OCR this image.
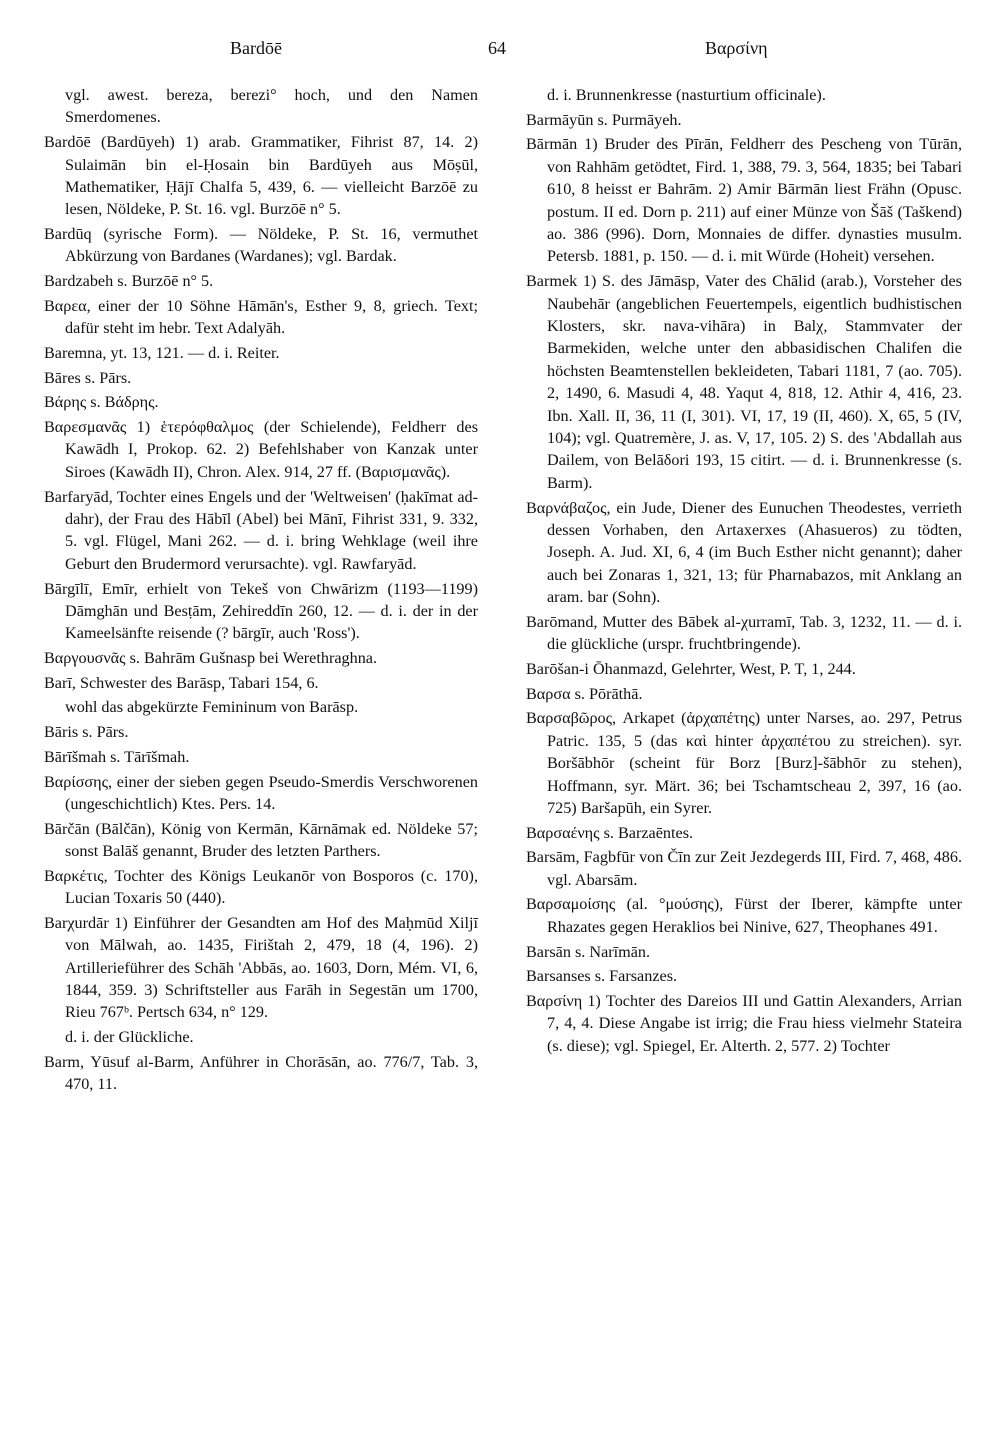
Bardōē	64	Βαρσίνη

vgl. awest. bereza, berezi° hoch, und den Namen Smerdomenes.

Bardōē (Bardūyeh) 1) arab. Grammatiker, Fihrist 87, 14. 2) Sulaimān bin el-Ḥosain bin Bardūyeh aus Mōṣūl, Mathematiker, Ḥājī Chalfa 5, 439, 6. — vielleicht Barzōē zu lesen, Nöldeke, P. St. 16. vgl. Burzōē n° 5.

Bardūq (syrische Form). — Nöldeke, P. St. 16, vermuthet Abkürzung von Bardanes (Wardanes); vgl. Bardak.

Bardzabeh s. Burzōē n° 5.

Βαρεα, einer der 10 Söhne Hāmān's, Esther 9, 8, griech. Text; dafür steht im hebr. Text Adalyāh.

Baremna, yt. 13, 121. — d. i. Reiter.

Bāres s. Pārs.

Βάρης s. Βάδρης.

Βαρεσμανᾶς 1) ἑτερόφθαλμος (der Schielende), Feldherr des Kawādh I, Prokop. 62. 2) Befehlshaber von Kanzak unter Siroes (Kawādh II), Chron. Alex. 914, 27 ff. (Βαρισμανᾶς).

Barfaryād, Tochter eines Engels und der 'Weltweisen' (ḥakīmat ad-dahr), der Frau des Hābīl (Abel) bei Mānī, Fihrist 331, 9. 332, 5. vgl. Flügel, Mani 262. — d. i. bring Wehklage (weil ihre Geburt den Brudermord verursachte). vgl. Rawfaryād.

Bārgīlī, Emīr, erhielt von Tekeš von Chwārizm (1193—1199) Dāmghān und Besṭām, Zehireddīn 260, 12. — d. i. der in der Kameelsänfte reisende (? bārgīr, auch 'Ross').

Βαργουσνᾶς s. Bahrām Gušnasp bei Werethraghna.

Barī, Schwester des Barāsp, Tabari 154, 6.

wohl das abgekürzte Femininum von Barāsp.

Bāris s. Pārs.

Bārīšmah s. Tārīšmah.

Βαρίσσης, einer der sieben gegen Pseudo-Smerdis Verschworenen (ungeschichtlich) Ktes. Pers. 14.

Bārčān (Bālčān), König von Kermān, Kārnāmak ed. Nöldeke 57; sonst Balāš genannt, Bruder des letzten Parthers.

Βαρκέτις, Tochter des Königs Leukanōr von Bosporos (c. 170), Lucian Toxaris 50 (440).

Barχurdār 1) Einführer der Gesandten am Hof des Maḥmūd Xiljī von Mālwah, ao. 1435, Firištah 2, 479, 18 (4, 196). 2) Artillerieführer des Schāh 'Abbās, ao. 1603, Dorn, Mém. VI, 6, 1844, 359. 3) Schriftsteller aus Farāh in Segestān um 1700, Rieu 767ᵇ. Pertsch 634, n° 129.

d. i. der Glückliche.

Barm, Yūsuf al-Barm, Anführer in Chorāsān, ao. 776/7, Tab. 3, 470, 11.

d. i. Brunnenkresse (nasturtium officinale).

Barmāyūn s. Purmāyeh.

Bārmān 1) Bruder des Pīrān, Feldherr des Pescheng von Tūrān, von Rahhām getödtet, Fird. 1, 388, 79. 3, 564, 1835; bei Tabari 610, 8 heisst er Bahrām. 2) Amir Bārmān liest Frähn (Opusc. postum. II ed. Dorn p. 211) auf einer Münze von Šāš (Taškend) ao. 386 (996). Dorn, Monnaies de differ. dynasties musulm. Petersb. 1881, p. 150. — d. i. mit Würde (Hoheit) versehen.

Barmek 1) S. des Jāmāsp, Vater des Chālid (arab.), Vorsteher des Naubehār (angeblichen Feuertempels, eigentlich budhistischen Klosters, skr. nava-vihāra) in Balχ, Stammvater der Barmekiden, welche unter den abbasidischen Chalifen die höchsten Beamtenstellen bekleideten, Tabari 1181, 7 (ao. 705). 2, 1490, 6. Masudi 4, 48. Yaqut 4, 818, 12. Athir 4, 416, 23. Ibn. Xall. II, 36, 11 (I, 301). VI, 17, 19 (II, 460). X, 65, 5 (IV, 104); vgl. Quatremère, J. as. V, 17, 105. 2) S. des 'Abdallah aus Dailem, von Belāδori 193, 15 citirt. — d. i. Brunnenkresse (s. Barm).

Βαρνάβαζος, ein Jude, Diener des Eunuchen Theodestes, verrieth dessen Vorhaben, den Artaxerxes (Ahasueros) zu tödten, Joseph. A. Jud. XI, 6, 4 (im Buch Esther nicht genannt); daher auch bei Zonaras 1, 321, 13; für Pharnabazos, mit Anklang an aram. bar (Sohn).

Barōmand, Mutter des Bābek al-χurramī, Tab. 3, 1232, 11. — d. i. die glückliche (urspr. fruchtbringende).

Barōšan-i Ōhanmazd, Gelehrter, West, P. T, 1, 244.

Βαρσα s. Pōrāthā.

Βαρσαβῶρος, Arkapet (ἀρχαπέτης) unter Narses, ao. 297, Petrus Patric. 135, 5 (das καὶ hinter ἀρχαπέτου zu streichen). syr. Boršābhōr (scheint für Borz [Burz]-šābhōr zu stehen), Hoffmann, syr. Märt. 36; bei Tschamtscheau 2, 397, 16 (ao. 725) Baršapūh, ein Syrer.

Βαρσαένης s. Barzaēntes.

Barsām, Fagbfūr von Čīn zur Zeit Jezdegerds III, Fird. 7, 468, 486. vgl. Abarsām.

Βαρσαμοίσης (al. °μούσης), Fürst der Iberer, kämpfte unter Rhazates gegen Heraklios bei Ninive, 627, Theophanes 491.

Barsān s. Narīmān.

Barsanses s. Farsanzes.

Βαρσίνη 1) Tochter des Dareios III und Gattin Alexanders, Arrian 7, 4, 4. Diese Angabe ist irrig; die Frau hiess vielmehr Stateira (s. diese); vgl. Spiegel, Er. Alterth. 2, 577. 2) Tochter
